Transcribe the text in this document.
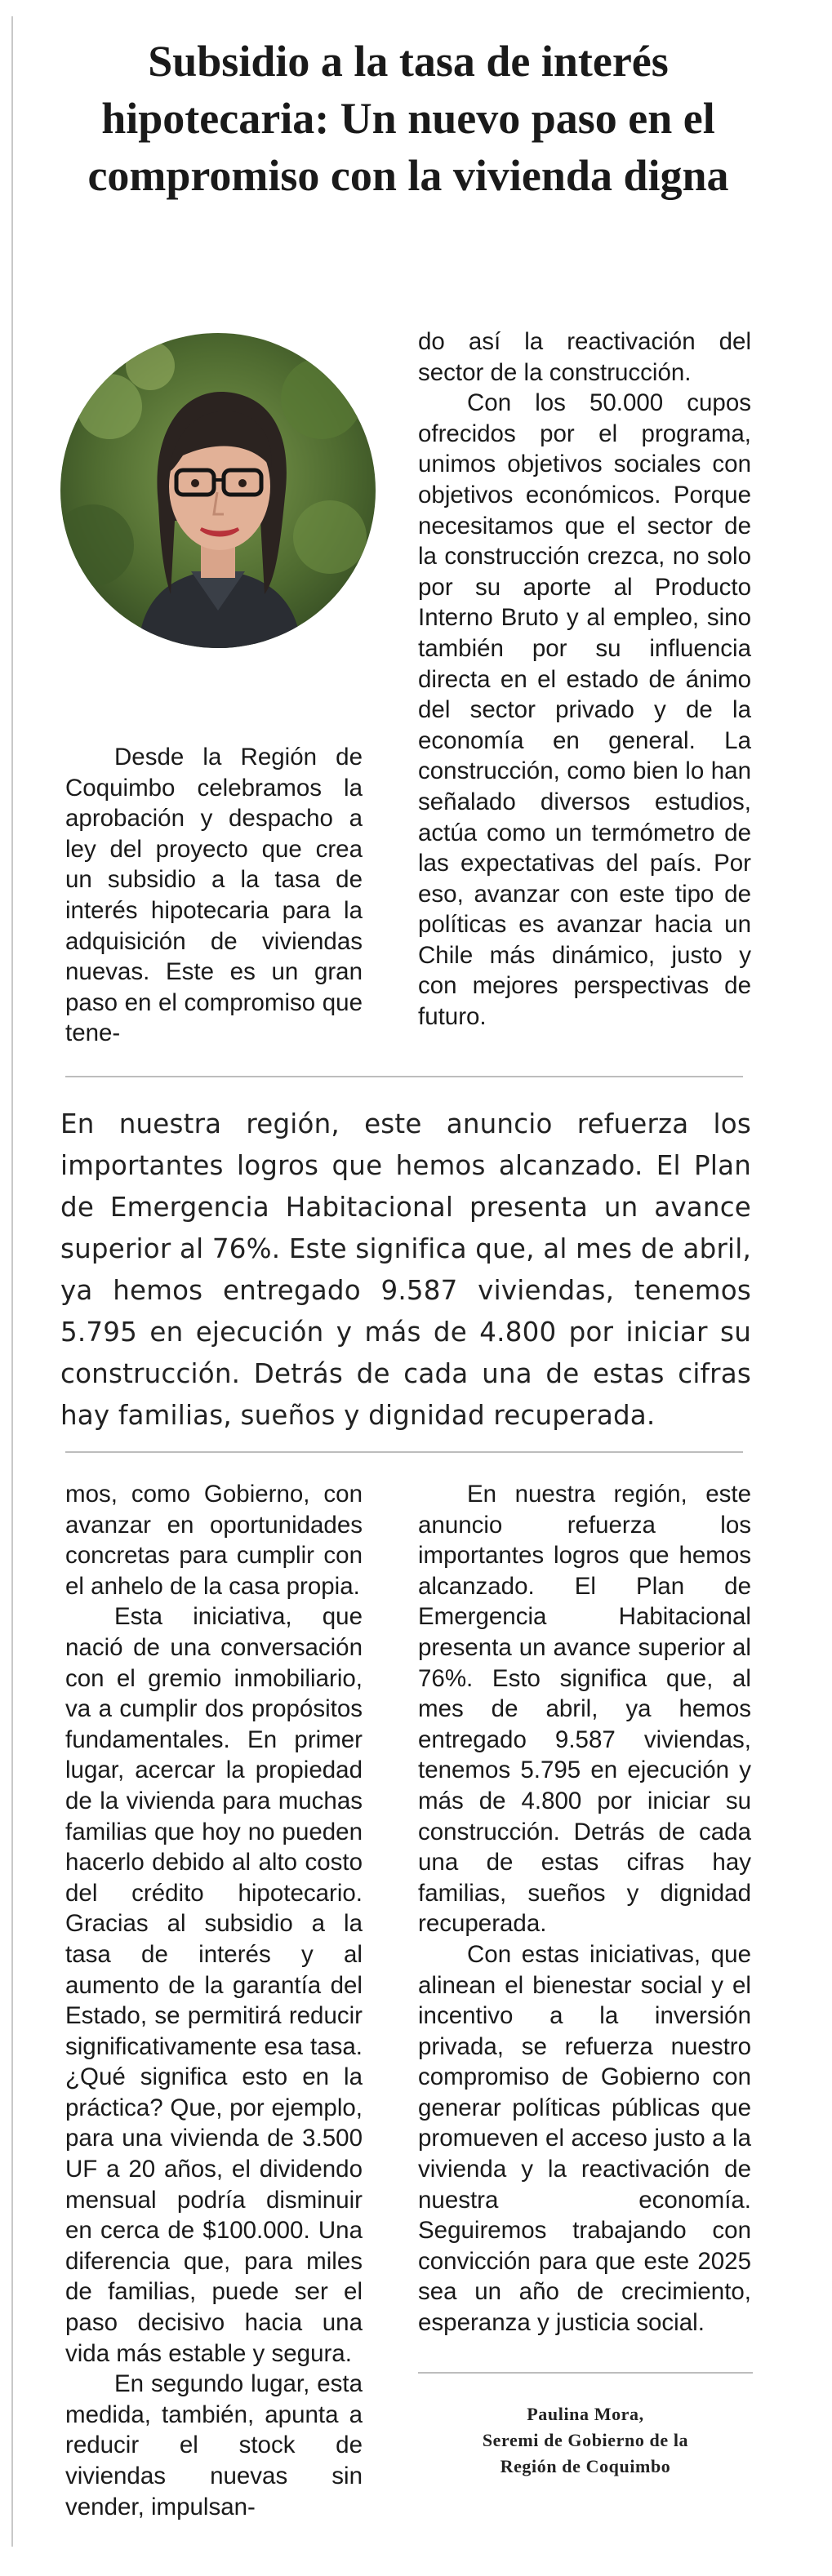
Subsidio a la tasa de interés hipotecaria: Un nuevo paso en el compromiso con la vivienda digna

Desde la Región de Coquimbo celebramos la aprobación y despacho a ley del proyecto que crea un subsidio a la tasa de interés hipotecaria para la adquisición de viviendas nuevas. Este es un gran paso en el compromiso que tene-

do así la reactivación del sector de la construcción.

Con los 50.000 cupos ofrecidos por el programa, unimos objetivos sociales con objetivos económicos. Porque necesitamos que el sector de la construcción crezca, no solo por su aporte al Producto Interno Bruto y al empleo, sino también por su influencia directa en el estado de ánimo del sector privado y de la economía en general. La construcción, como bien lo han señalado diversos estudios, actúa como un termómetro de las expectativas del país. Por eso, avanzar con este tipo de políticas es avanzar hacia un Chile más dinámico, justo y con mejores perspectivas de futuro.

En nuestra región, este anuncio refuerza los importantes logros que hemos alcanzado. El Plan de Emergencia Habitacional presenta un avance superior al 76%. Este significa que, al mes de abril, ya hemos entregado 9.587 viviendas, tenemos 5.795 en ejecución y más de 4.800 por iniciar su construcción. Detrás de cada una de estas cifras hay familias, sueños y dignidad recuperada.

mos, como Gobierno, con avanzar en oportunidades concretas para cumplir con el anhelo de la casa propia.

Esta iniciativa, que nació de una conversación con el gremio inmobiliario, va a cumplir dos propósitos fundamentales. En primer lugar, acercar la propiedad de la vivienda para muchas familias que hoy no pueden hacerlo debido al alto costo del crédito hipotecario. Gracias al subsidio a la tasa de interés y al aumento de la garantía del Estado, se permitirá reducir significativamente esa tasa. ¿Qué significa esto en la práctica? Que, por ejemplo, para una vivienda de 3.500 UF a 20 años, el dividendo mensual podría disminuir en cerca de $100.000. Una diferencia que, para miles de familias, puede ser el paso decisivo hacia una vida más estable y segura.

En segundo lugar, esta medida, también, apunta a reducir el stock de viviendas nuevas sin vender, impulsan-

En nuestra región, este anuncio refuerza los importantes logros que hemos alcanzado. El Plan de Emergencia Habitacional presenta un avance superior al 76%. Esto significa que, al mes de abril, ya hemos entregado 9.587 viviendas, tenemos 5.795 en ejecución y más de 4.800 por iniciar su construcción. Detrás de cada una de estas cifras hay familias, sueños y dignidad recuperada.

Con estas iniciativas, que alinean el bienestar social y el incentivo a la inversión privada, se refuerza nuestro compromiso de Gobierno con generar políticas públicas que promueven el acceso justo a la vivienda y la reactivación de nuestra economía. Seguiremos trabajando con convicción para que este 2025 sea un año de crecimiento, esperanza y justicia social.

Paulina Mora,
Seremi de Gobierno de la
Región de Coquimbo
